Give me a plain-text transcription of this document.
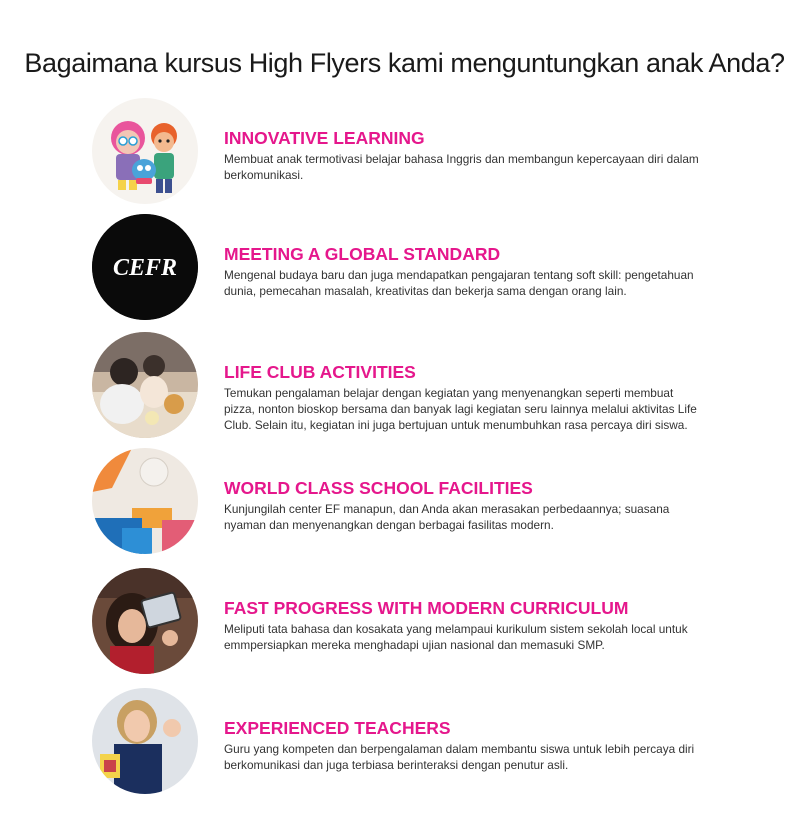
Bagaimana kursus High Flyers kami menguntungkan anak Anda?
INNOVATIVE LEARNING

Membuat anak termotivasi belajar bahasa Inggris dan membangun kepercayaan diri dalam berkomunikasi.

CEFR
MEETING A GLOBAL STANDARD

Mengenal budaya baru dan juga mendapatkan pengajaran tentang soft skill: pengetahuan dunia, pemecahan masalah, kreativitas dan bekerja sama dengan orang lain.

LIFE CLUB ACTIVITIES

Temukan pengalaman belajar dengan kegiatan yang menyenangkan seperti membuat pizza, nonton bioskop bersama dan banyak lagi kegiatan seru lainnya melalui aktivitas Life Club. Selain itu, kegiatan ini juga bertujuan untuk menumbuhkan rasa percaya diri siswa.

WORLD CLASS SCHOOL FACILITIES

Kunjungilah center EF manapun, dan Anda akan merasakan perbedaannya; suasana nyaman dan menyenangkan dengan berbagai fasilitas modern.

FAST PROGRESS WITH MODERN CURRICULUM

Meliputi tata bahasa dan kosakata yang melampaui kurikulum sistem sekolah local untuk emmpersiapkan mereka menghadapi ujian nasional dan memasuki SMP.

EXPERIENCED TEACHERS

Guru yang kompeten dan berpengalaman dalam membantu siswa untuk lebih percaya diri berkomunikasi dan juga terbiasa berinteraksi dengan penutur asli.
